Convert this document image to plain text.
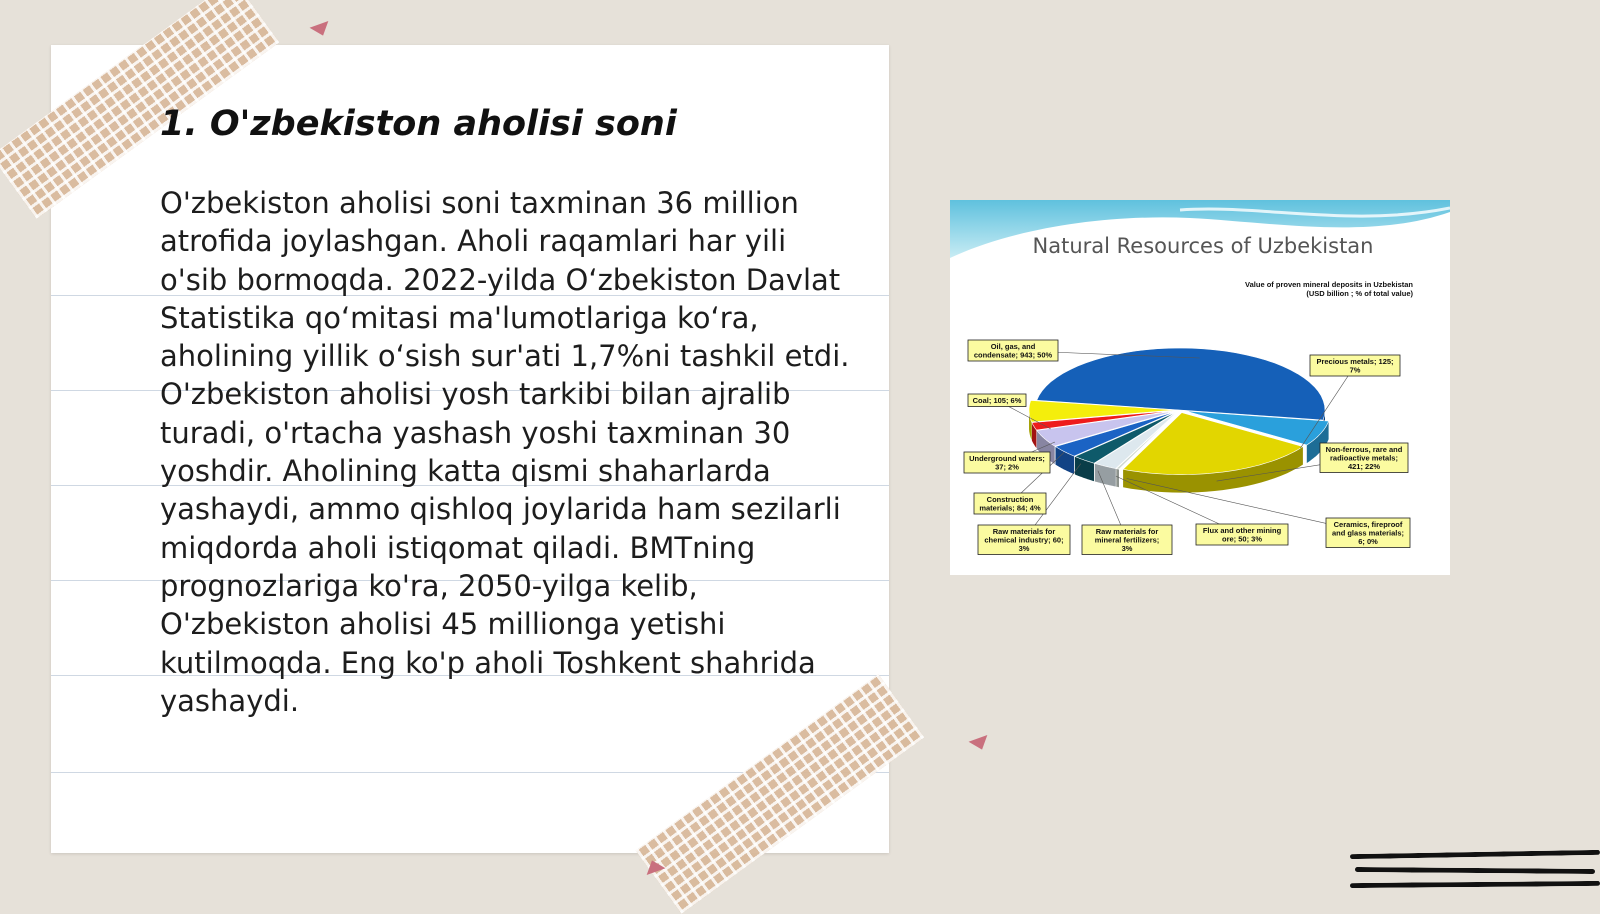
1. O'zbekiston aholisi soni

O'zbekiston aholisi soni taxminan 36 million atrofida joylashgan. Aholi raqamlari har yili o'sib bormoqda. 2022-yilda O‘zbekiston Davlat Statistika qo‘mitasi ma'lumotlariga ko‘ra, aholining yillik o‘sish sur'ati 1,7%ni tashkil etdi. O'zbekiston aholisi yosh tarkibi bilan ajralib turadi, o'rtacha yashash yoshi taxminan 30 yoshdir. Aholining katta qismi shaharlarda yashaydi, ammo qishloq joylarida ham sezilarli miqdorda aholi istiqomat qiladi. BMTning prognozlariga ko'ra, 2050-yilga kelib, O'zbekiston aholisi 45 millionga yetishi kutilmoqda. Eng ko'p aholi Toshkent shahrida yashaydi.

Natural Resources of Uzbekistan
Value of proven mineral deposits in Uzbekistan
(USD billion ; % of total value)
Oil, gas, and
condensate; 943; 50%
Precious metals; 125;
7%
Non-ferrous, rare and
radioactive metals;
421; 22%
Ceramics, fireproof
and glass materials;
6; 0%
Flux and other mining
ore; 50; 3%
Raw materials for
mineral fertilizers;
3%
Raw materials for
chemical industry; 60;
3%
Construction
materials; 84; 4%
Underground waters;
37; 2%
Coal; 105; 6%
